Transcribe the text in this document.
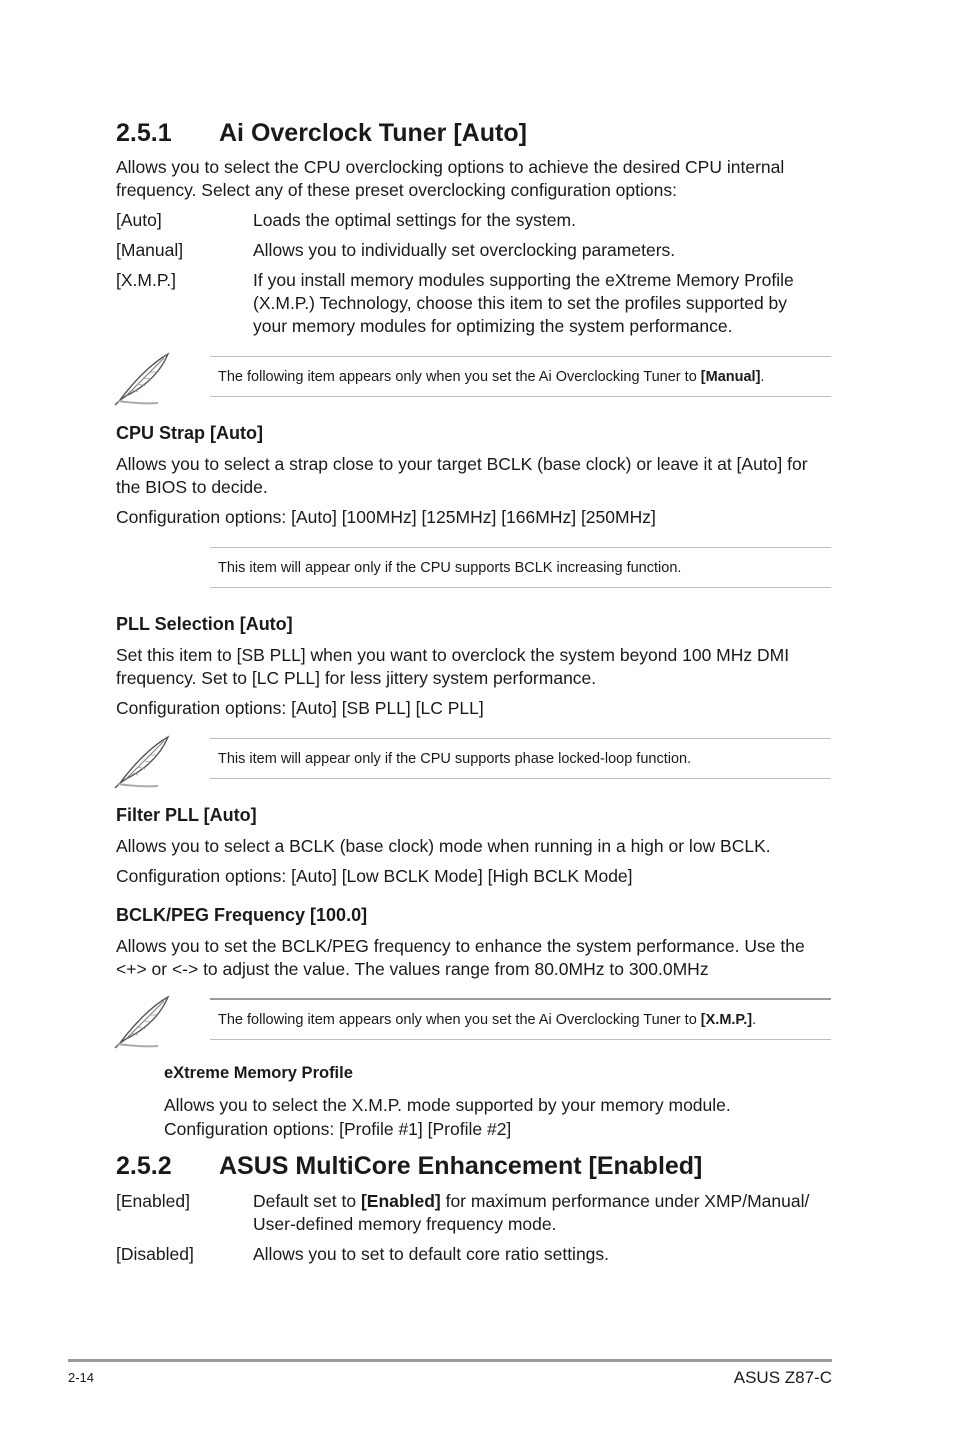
2.5.1 Ai Overclock Tuner [Auto]
Allows you to select the CPU overclocking options to achieve the desired CPU internal frequency. Select any of these preset overclocking configuration options:
[Auto]	Loads the optimal settings for the system.
[Manual]	Allows you to individually set overclocking parameters.
[X.M.P.]	If you install memory modules supporting the eXtreme Memory Profile (X.M.P.) Technology, choose this item to set the profiles supported by your memory modules for optimizing the system performance.
The following item appears only when you set the Ai Overclocking Tuner to [Manual].
CPU Strap [Auto]
Allows you to select a strap close to your target BCLK (base clock) or leave it at [Auto] for the BIOS to decide.
Configuration options: [Auto] [100MHz] [125MHz] [166MHz] [250MHz]
This item will appear only if the CPU supports BCLK increasing function.
PLL Selection [Auto]
Set this item to [SB PLL] when you want to overclock the system beyond 100 MHz DMI frequency. Set to [LC PLL] for less jittery system performance.
Configuration options: [Auto] [SB PLL] [LC PLL]
This item will appear only if the CPU supports phase locked-loop function.
Filter PLL [Auto]
Allows you to select a BCLK (base clock) mode when running in a high or low BCLK.
Configuration options: [Auto] [Low BCLK Mode] [High BCLK Mode]
BCLK/PEG Frequency [100.0]
Allows you to set the BCLK/PEG frequency to enhance the system performance. Use the <+> or <-> to adjust the value. The values range from 80.0MHz to 300.0MHz
The following item appears only when you set the Ai Overclocking Tuner to [X.M.P.].
eXtreme Memory Profile
Allows you to select the X.M.P. mode supported by your memory module.
Configuration options: [Profile #1] [Profile #2]
2.5.2 ASUS MultiCore Enhancement [Enabled]
[Enabled]	Default set to [Enabled] for maximum performance under XMP/Manual/ User-defined memory frequency mode.
[Disabled]	Allows you to set to default core ratio settings.
2-14	ASUS Z87-C
